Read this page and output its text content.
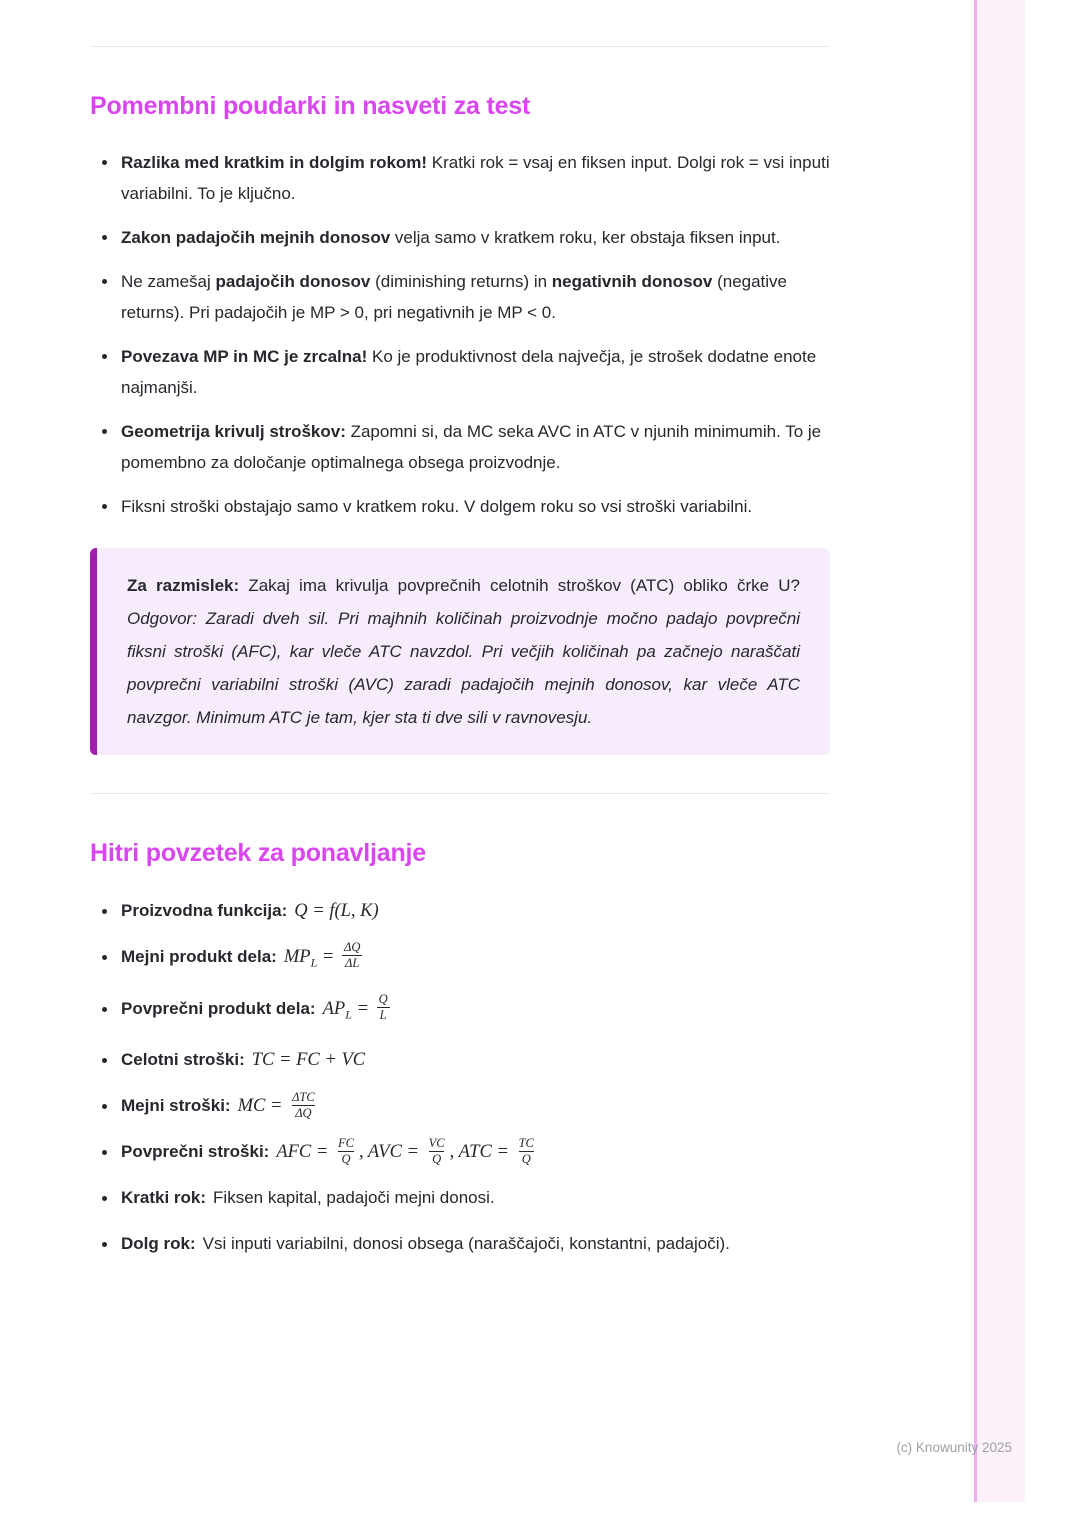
Pomembni poudarki in nasveti za test
Razlika med kratkim in dolgim rokom! Kratki rok = vsaj en fiksen input. Dolgi rok = vsi inputi variabilni. To je ključno.
Zakon padajočih mejnih donosov velja samo v kratkem roku, ker obstaja fiksen input.
Ne zamešaj padajočih donosov (diminishing returns) in negativnih donosov (negative returns). Pri padajočih je MP > 0, pri negativnih je MP < 0.
Povezava MP in MC je zrcalna! Ko je produktivnost dela največja, je strošek dodatne enote najmanjši.
Geometrija krivulj stroškov: Zapomni si, da MC seka AVC in ATC v njunih minimumih. To je pomembno za določanje optimalnega obsega proizvodnje.
Fiksni stroški obstajajo samo v kratkem roku. V dolgem roku so vsi stroški variabilni.

Za razmislek: Zakaj ima krivulja povprečnih celotnih stroškov (ATC) obliko črke U? Odgovor: Zaradi dveh sil. Pri majhnih količinah proizvodnje močno padajo povprečni fiksni stroški (AFC), kar vleče ATC navzdol. Pri večjih količinah pa začnejo naraščati povprečni variabilni stroški (AVC) zaradi padajočih mejnih donosov, kar vleče ATC navzgor. Minimum ATC je tam, kjer sta ti dve sili v ravnovesju.

Hitri povzetek za ponavljanje
Proizvodna funkcija: Q = f(L, K)
Mejni produkt dela: $MP_L = \frac{\Delta Q}{\Delta L}$
Povprečni produkt dela: $AP_L = \frac{Q}{L}$
Celotni stroški: TC = FC + VC
Mejni stroški: MC = $\frac{\text{ΔTC}}{\Delta Q}$
Povprečni stroški: AFC = $\frac{FC}{Q}$ , AVC = $\frac{VC}{Q}$ , ATC = $\frac{TC}{Q}$
Kratki rok: Fiksen kapital, padajoči mejni donosi.
Dolg rok: Vsi inputi variabilni, donosi obsega (naraščajoči, konstantni, padajoči).
(c) Knowunity 2025
